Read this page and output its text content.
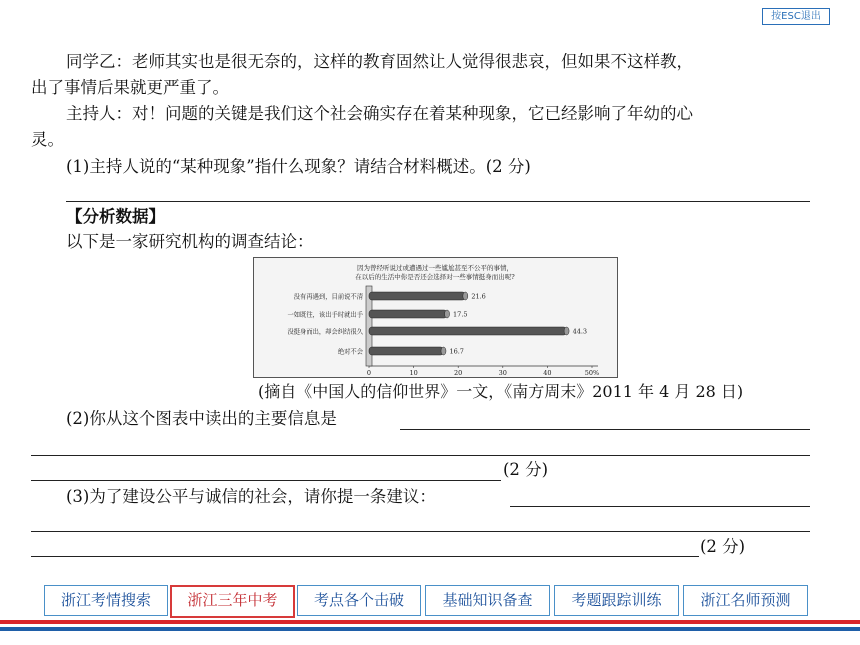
按ESC退出
同学乙：老师其实也是很无奈的，这样的教育固然让人觉得很悲哀，但如果不这样教，
出了事情后果就更严重了。
主持人：对！问题的关键是我们这个社会确实存在着某种现象，它已经影响了年幼的心
灵。
(1)主持人说的“某种现象”指什么现象？请结合材料概述。(2 分)
【分析数据】
以下是一家研究机构的调查结论：
因为曾经听说过或遭遇过一些尴尬甚至不公平的事情，
在以后的生活中你是否还会选择对一些事情挺身而出呢?
没有再遇到，目前说不清	21.6
一如既往，该出手时就出手	17.5
没挺身而出，却会纠结很久	44.3
绝对不会	16.7
0	10	20	30	40	50%
(摘自《中国人的信仰世界》一文，《南方周末》2011 年 4 月 28 日)
(2)你从这个图表中读出的主要信息是
(2 分)
(3)为了建设公平与诚信的社会，请你提一条建议：
(2 分)
浙江考情搜索	浙江三年中考	考点各个击破	基础知识备查	考题跟踪训练	浙江名师预测
